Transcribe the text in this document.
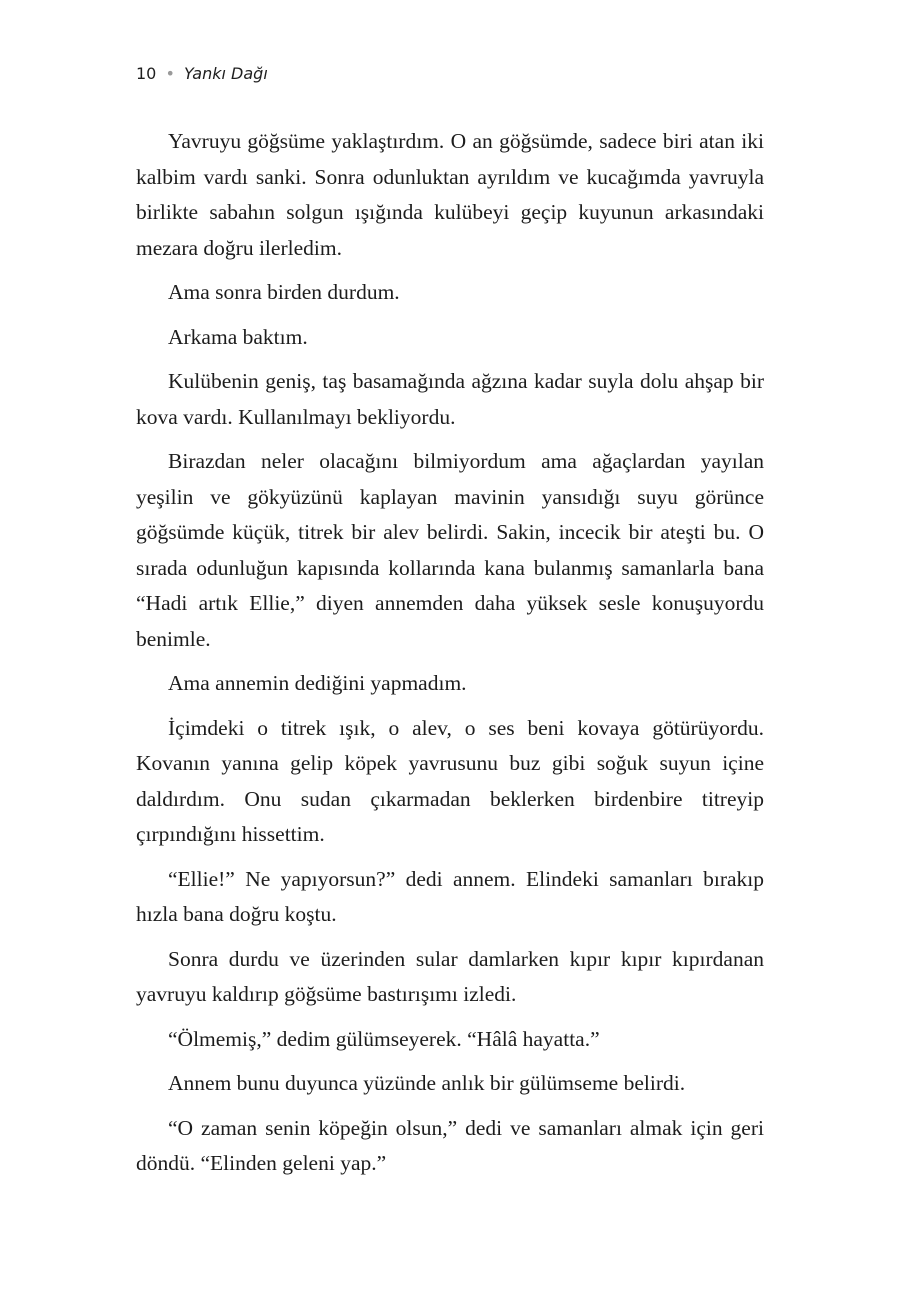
10 • Yankı Dağı

Yavruyu göğsüme yaklaştırdım. O an göğsümde, sadece biri atan iki kalbim vardı sanki. Sonra odunluktan ayrıldım ve kucağımda yavruyla birlikte sabahın solgun ışığında kulübeyi geçip kuyunun arkasındaki mezara doğru ilerledim.

Ama sonra birden durdum.

Arkama baktım.

Kulübenin geniş, taş basamağında ağzına kadar suyla dolu ahşap bir kova vardı. Kullanılmayı bekliyordu.

Birazdan neler olacağını bilmiyordum ama ağaçlardan yayılan yeşilin ve gökyüzünü kaplayan mavinin yansıdığı suyu görünce göğsümde küçük, titrek bir alev belirdi. Sakin, incecik bir ateşti bu. O sırada odunluğun kapısında kollarında kana bulanmış samanlarla bana “Hadi artık Ellie,” diyen annemden daha yüksek sesle konuşuyordu benimle.

Ama annemin dediğini yapmadım.

İçimdeki o titrek ışık, o alev, o ses beni kovaya götürüyordu. Kovanın yanına gelip köpek yavrusunu buz gibi soğuk suyun içine daldırdım. Onu sudan çıkarmadan beklerken birdenbire titreyip çırpındığını hissettim.

“Ellie!” Ne yapıyorsun?” dedi annem. Elindeki samanları bırakıp hızla bana doğru koştu.

Sonra durdu ve üzerinden sular damlarken kıpır kıpır kıpırdanan yavruyu kaldırıp göğsüme bastırışımı izledi.

“Ölmemiş,” dedim gülümseyerek. “Hâlâ hayatta.”

Annem bunu duyunca yüzünde anlık bir gülümseme belirdi.

“O zaman senin köpeğin olsun,” dedi ve samanları almak için geri döndü. “Elinden geleni yap.”
